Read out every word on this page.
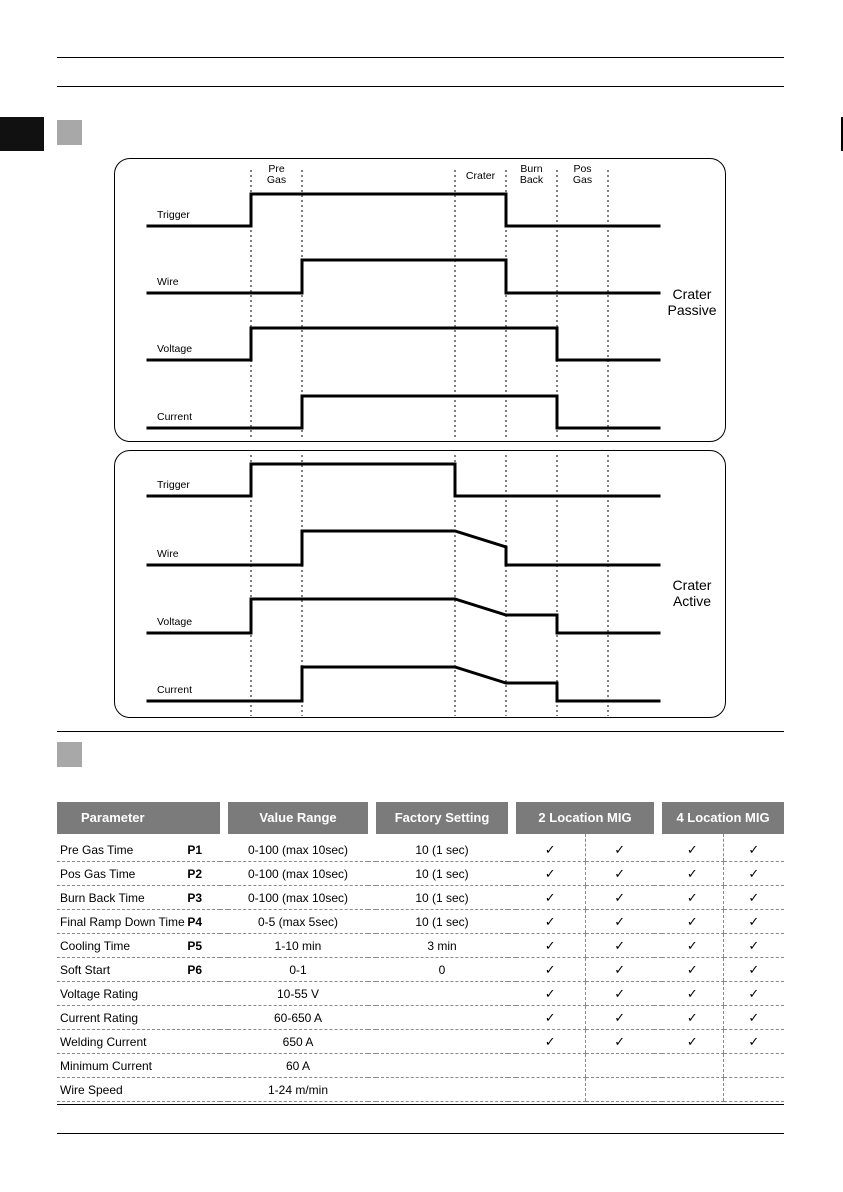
Pre
Gas	Crater
Burn
Back
Pos
Gas
Trigger
Wire
Voltage
Current
Crater
Passive
Trigger
Wire
Voltage
Current
Crater
Active
Parameter		Value Range		Factory Setting		2 Location MIG			4 Location MIG	

Pre Gas Time P1		0-100 (max 10sec)		10 (1 sec)		✓	✓		✓	✓
Pos Gas Time P2		0-100 (max 10sec)		10 (1 sec)		✓	✓		✓	✓
Burn Back Time P3		0-100 (max 10sec)		10 (1 sec)		✓	✓		✓	✓
Final Ramp Down Time P4		0-5 (max 5sec)		10 (1 sec)		✓	✓		✓	✓
Cooling Time P5		1-10 min		3 min		✓	✓		✓	✓
Soft Start P6		0-1		0		✓	✓		✓	✓
Voltage Rating		10-55 V				✓	✓		✓	✓
Current Rating		60-650 A				✓	✓		✓	✓
Welding Current		650 A				✓	✓		✓	✓
Minimum Current		60 A								
Wire Speed		1-24 m/min								
